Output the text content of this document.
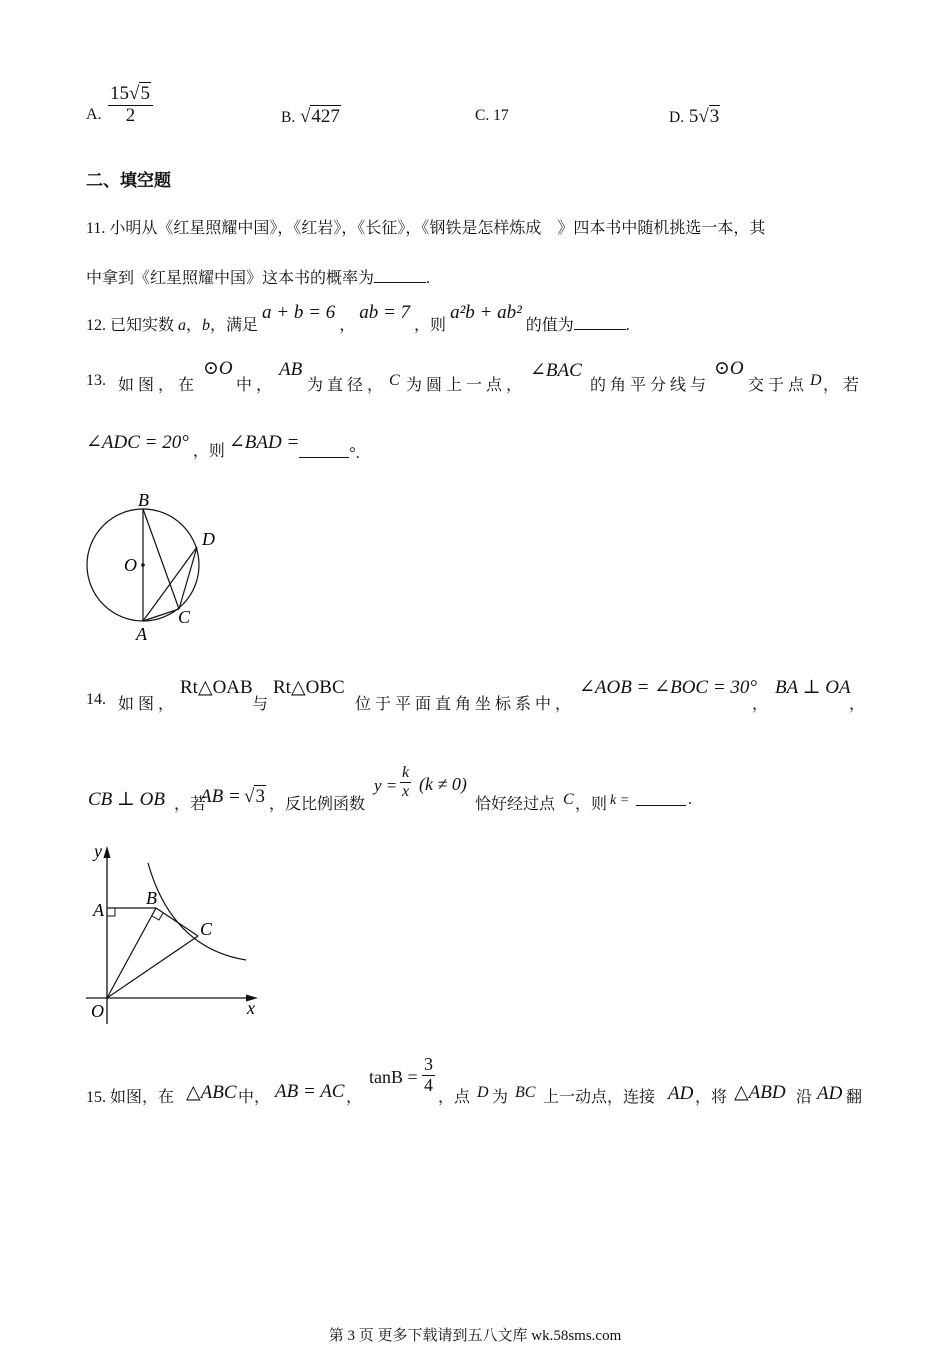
A. $\frac{15√5}{2}$	B. √427	C. 17	D. 5√3
二、填空题
11. 小明从《红星照耀中国》，《红岩》，《长征》，《钢铁是怎样炼成　》四本书中随机挑选一本，其
中拿到《红星照耀中国》这本书的概率为	.
12. 已知实数 a，b，满足 a + b = 6 ， ab = 7 ，则 a²b + ab² 的值为	.
13. 如 图 ， 在
⊙O
中 ，
AB
为 直 径 ， C 为 圆 上 一 点 ，
∠BAC
的 角 平 分 线 与
⊙O
交 于 点 D ， 若
∠ADC = 20° ，则 ∠BAD =°.
B
D
O
C
A
14. 如 图 ，
Rt△OAB
与
Rt△OBC
位 于 平 面 直 角 坐 标 系 中 ，
∠AOB = ∠BOC = 30°
，
BA ⊥ OA
，
CB ⊥ OB ，若
AB = √3 ，反比例函数
$y = \frac{k}{x} (k \ne 0)$
恰好经过点 C ，则 k =	.
y
A
B
C
O	x
15. 如图，在 △ABC 中， AB = AC ，
$\tan B = \frac{3}{4}$
，点 D 为 BC 上一动点，连接 AD ，将 △ABD 沿 AD 翻
第 3 页 更多下载请到五八文库 wk.58sms.com
